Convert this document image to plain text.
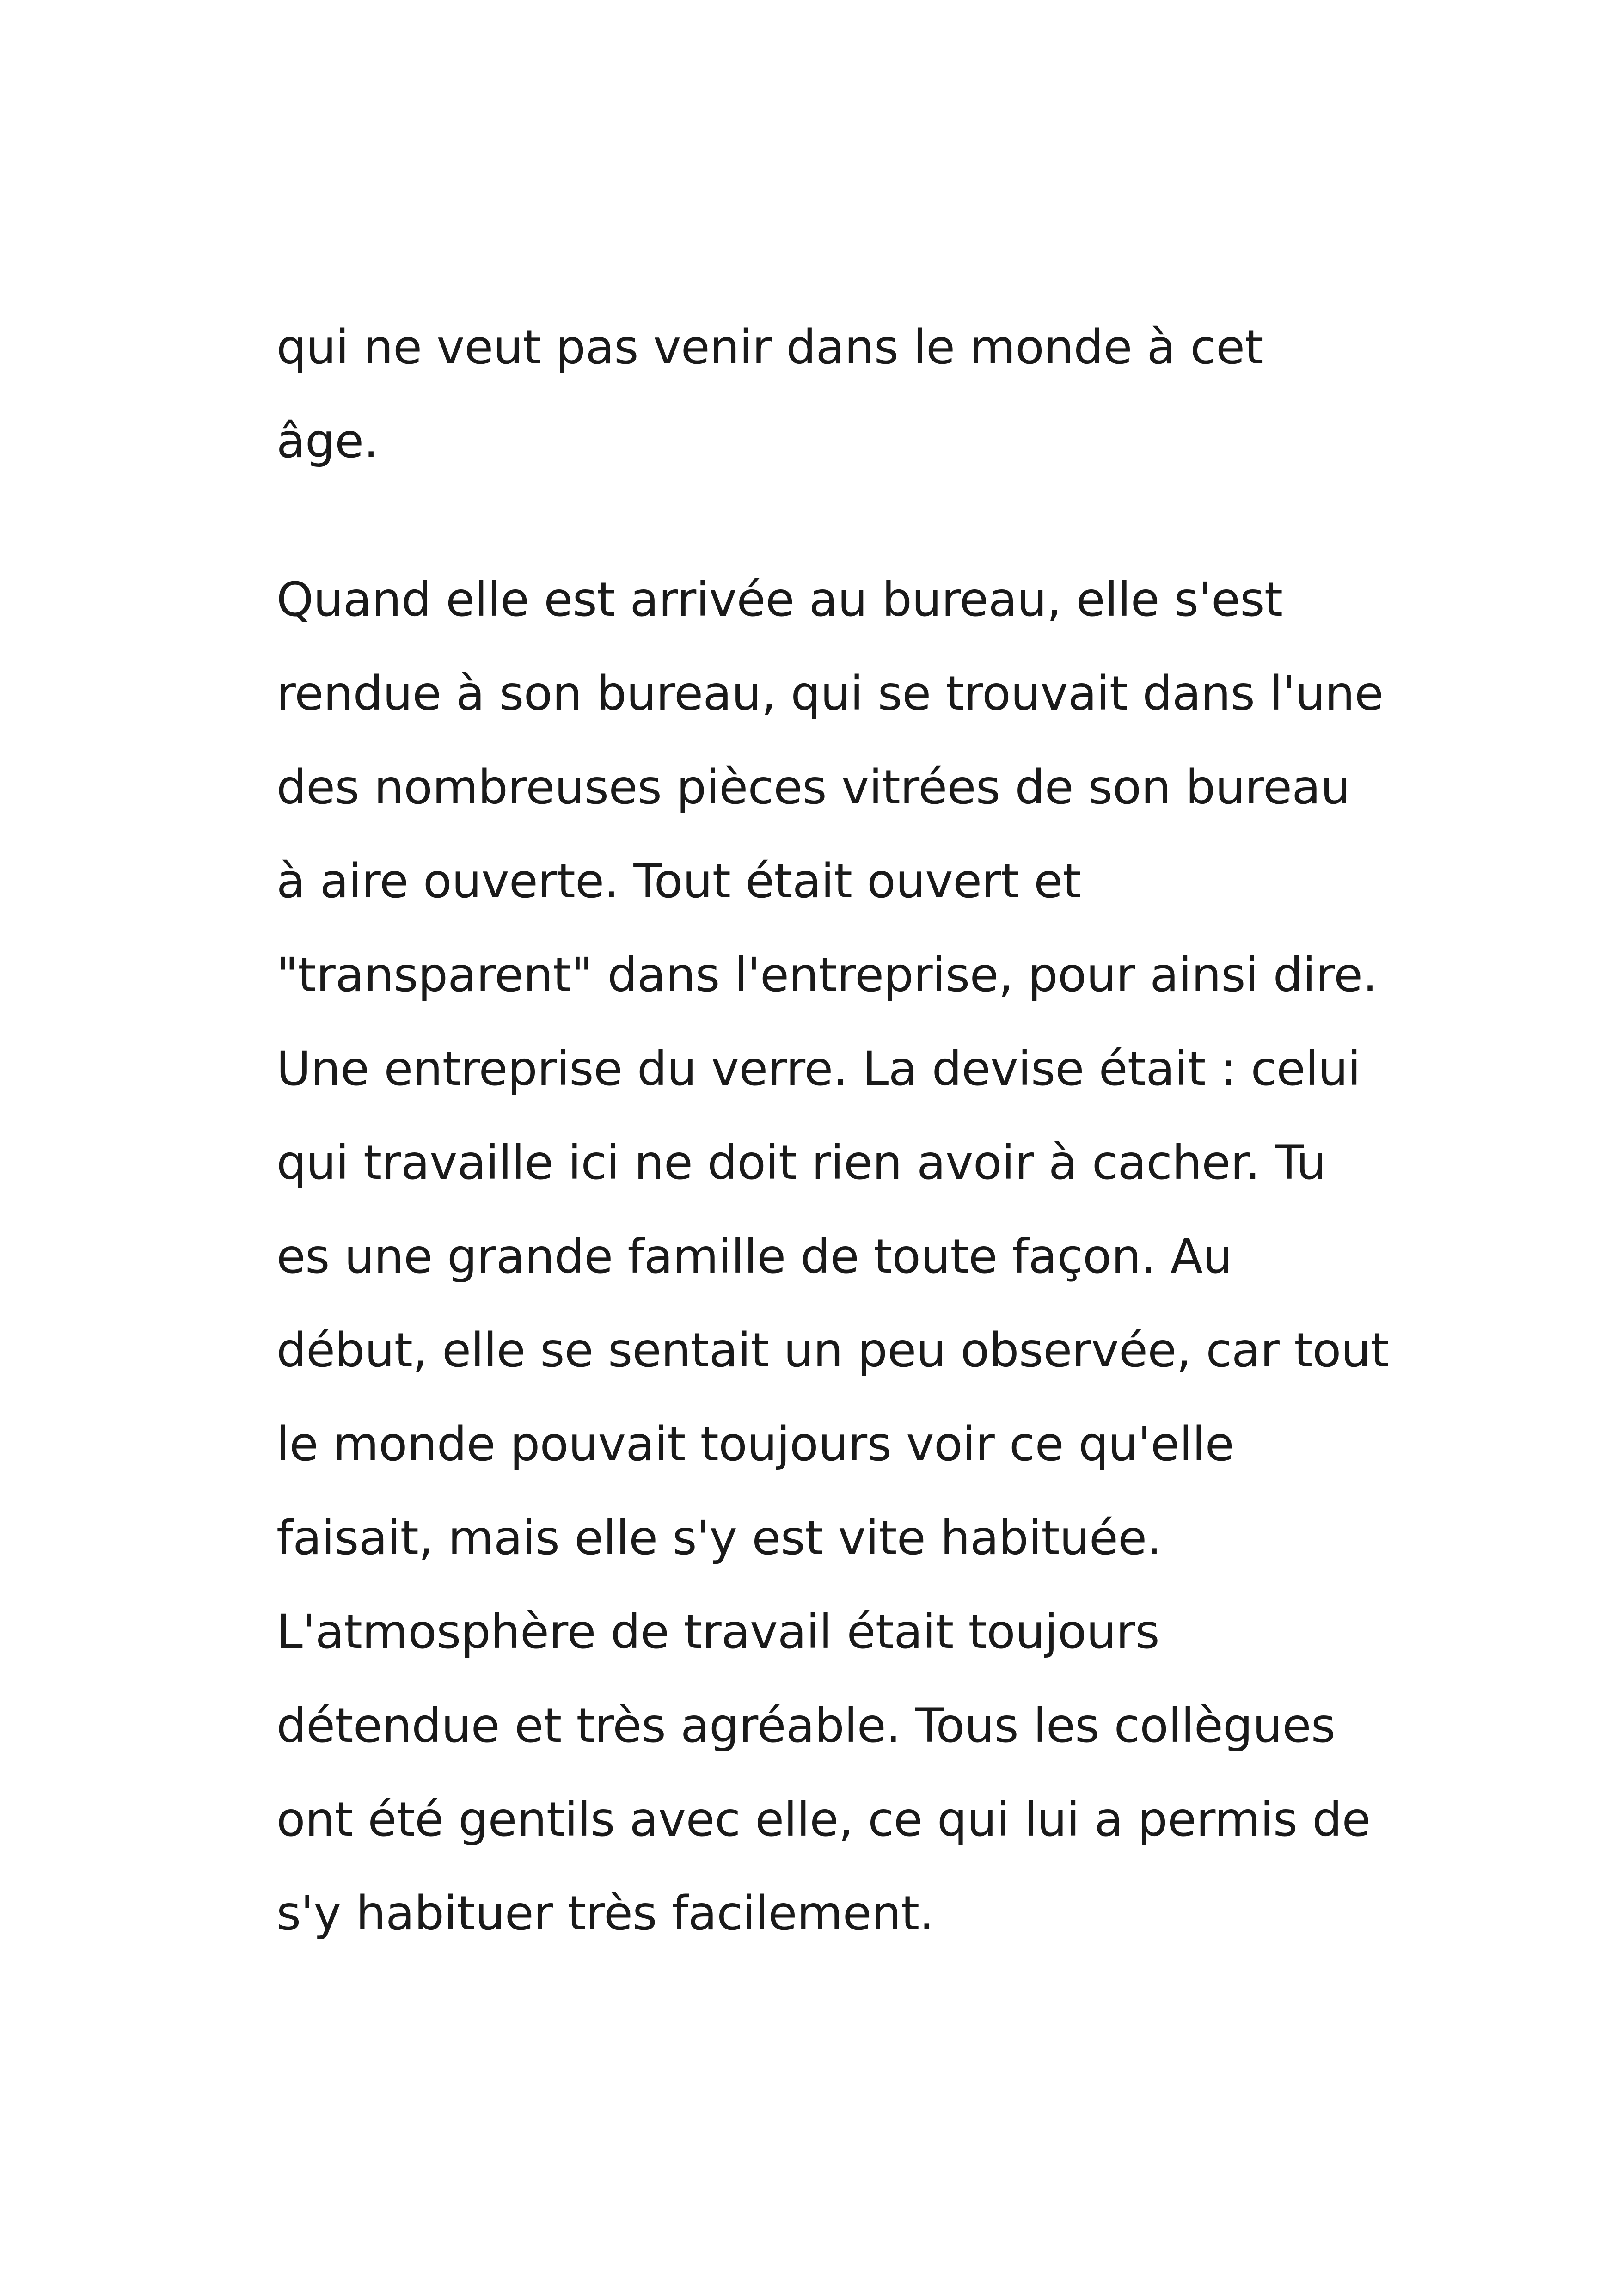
qui ne veut pas venir dans le monde à cet
âge.
Quand elle est arrivée au bureau, elle s'est
rendue à son bureau, qui se trouvait dans l'une
des nombreuses pièces vitrées de son bureau
à aire ouverte. Tout était ouvert et
"transparent" dans l'entreprise, pour ainsi dire.
Une entreprise du verre. La devise était : celui
qui travaille ici ne doit rien avoir à cacher. Tu
es une grande famille de toute façon. Au
début, elle se sentait un peu observée, car tout
le monde pouvait toujours voir ce qu'elle
faisait, mais elle s'y est vite habituée.
L'atmosphère de travail était toujours
détendue et très agréable. Tous les collègues
ont été gentils avec elle, ce qui lui a permis de
s'y habituer très facilement.
